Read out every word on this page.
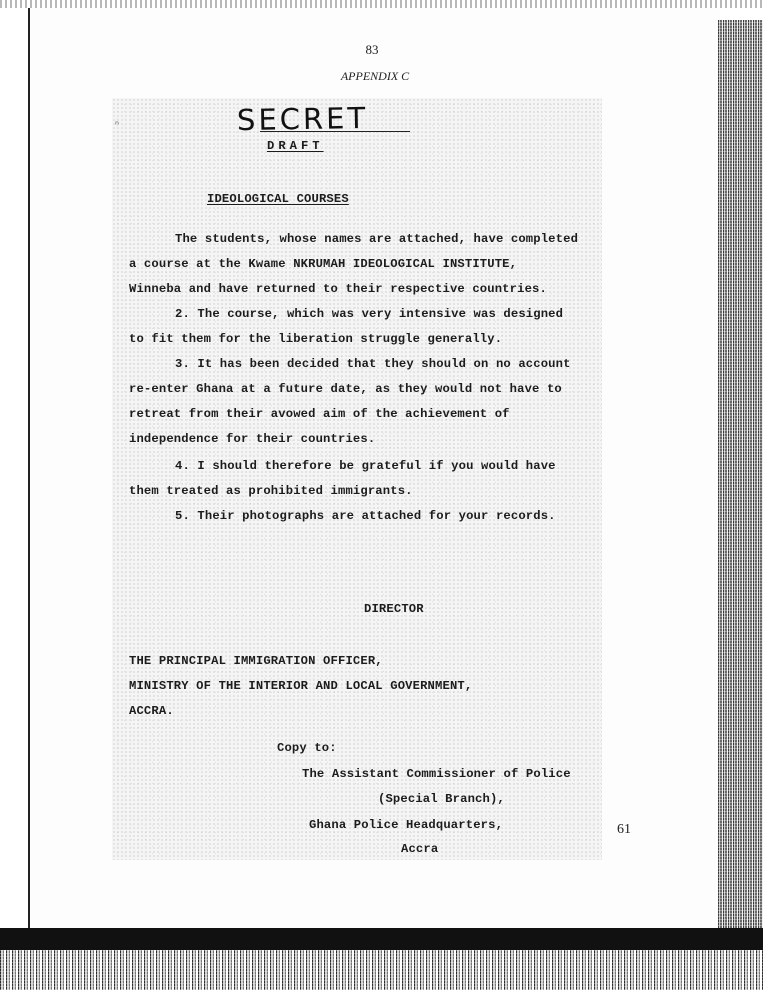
83
APPENDIX C
61
ⁿ	SECRET
DRAFT
IDEOLOGICAL COURSES
The students, whose names are attached, have completed
a course at the Kwame NKRUMAH IDEOLOGICAL INSTITUTE,
Winneba and have returned to their respective countries.
2. The course, which was very intensive was designed
to fit them for the liberation struggle generally.
3. It has been decided that they should on no account
re-enter Ghana at a future date, as they would not have to
retreat from their avowed aim of the achievement of
independence for their countries.
4. I should therefore be grateful if you would have
them treated as prohibited immigrants.
5. Their photographs are attached for your records.
DIRECTOR
THE PRINCIPAL IMMIGRATION OFFICER,
MINISTRY OF THE INTERIOR AND LOCAL GOVERNMENT,
ACCRA.
Copy to:
The Assistant Commissioner of Police
(Special Branch),
Ghana Police Headquarters,
Accra
